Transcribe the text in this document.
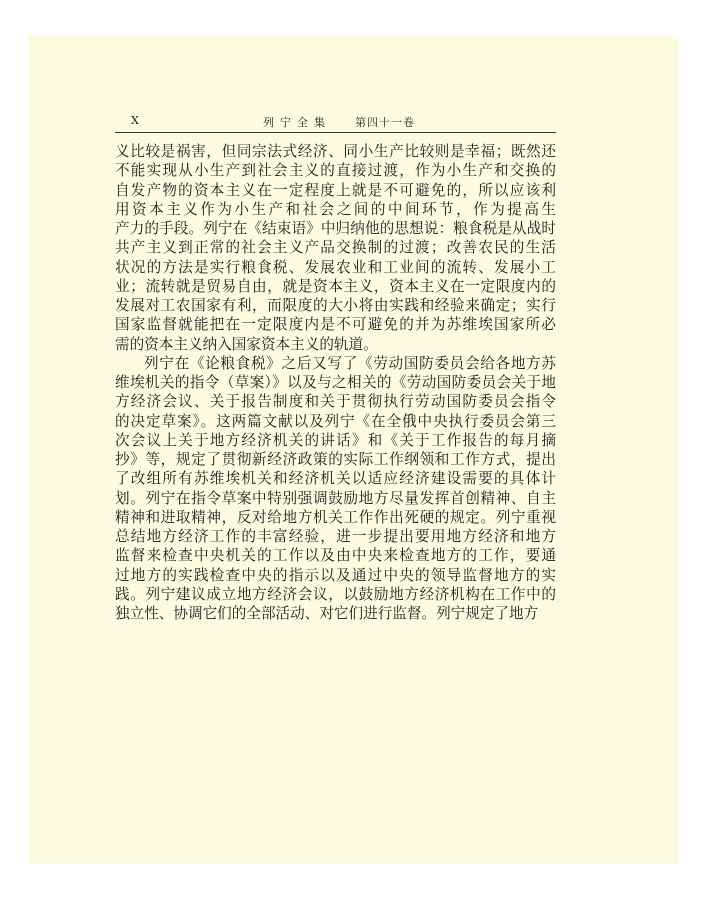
X	列宁全集 第四十一卷

义比较是祸害，但同宗法式经济、同小生产比较则是幸福；既然还
不能实现从小生产到社会主义的直接过渡，作为小生产和交换的
自发产物的资本主义在一定程度上就是不可避免的，所以应该利
用资本主义作为小生产和社会之间的中间环节，作为提高生
产力的手段。列宁在《结束语》中归纳他的思想说：粮食税是从战时
共产主义到正常的社会主义产品交换制的过渡；改善农民的生活
状况的方法是实行粮食税、发展农业和工业间的流转、发展小工
业；流转就是贸易自由，就是资本主义，资本主义在一定限度内的
发展对工农国家有利，而限度的大小将由实践和经验来确定；实行
国家监督就能把在一定限度内是不可避免的并为苏维埃国家所必
需的资本主义纳入国家资本主义的轨道。

列宁在《论粮食税》之后又写了《劳动国防委员会给各地方苏
维埃机关的指令（草案）》以及与之相关的《劳动国防委员会关于地
方经济会议、关于报告制度和关于贯彻执行劳动国防委员会指令
的决定草案》。这两篇文献以及列宁《在全俄中央执行委员会第三
次会议上关于地方经济机关的讲话》和《关于工作报告的每月摘
抄》等，规定了贯彻新经济政策的实际工作纲领和工作方式，提出
了改组所有苏维埃机关和经济机关以适应经济建设需要的具体计
划。列宁在指令草案中特别强调鼓励地方尽量发挥首创精神、自主
精神和进取精神，反对给地方机关工作作出死硬的规定。列宁重视
总结地方经济工作的丰富经验，进一步提出要用地方经济和地方
监督来检查中央机关的工作以及由中央来检查地方的工作，要通
过地方的实践检查中央的指示以及通过中央的领导监督地方的实
践。列宁建议成立地方经济会议，以鼓励地方经济机构在工作中的
独立性、协调它们的全部活动、对它们进行监督。列宁规定了地方
